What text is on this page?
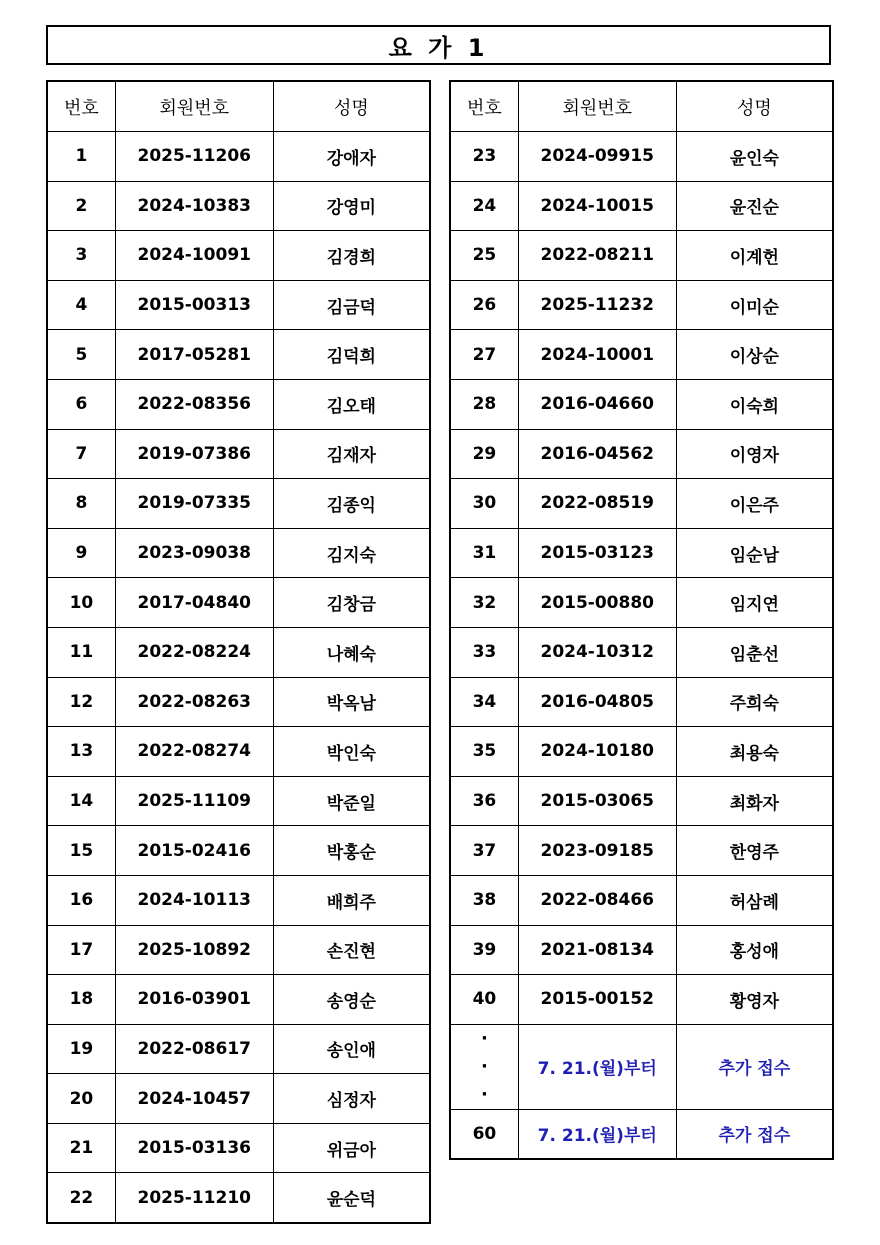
요 가 1
번호	회원번호	성명
1	2025-11206	강애자
2	2024-10383	강영미
3	2024-10091	김경희
4	2015-00313	김금덕
5	2017-05281	김덕희
6	2022-08356	김오태
7	2019-07386	김재자
8	2019-07335	김종익
9	2023-09038	김지숙
10	2017-04840	김창금
11	2022-08224	나혜숙
12	2022-08263	박옥남
13	2022-08274	박인숙
14	2025-11109	박준일
15	2015-02416	박홍순
16	2024-10113	배희주
17	2025-10892	손진현
18	2016-03901	송영순
19	2022-08617	송인애
20	2024-10457	심정자
21	2015-03136	위금아
22	2025-11210	윤순덕
번호	회원번호	성명
23	2024-09915	윤인숙
24	2024-10015	윤진순
25	2022-08211	이계헌
26	2025-11232	이미순
27	2024-10001	이상순
28	2016-04660	이숙희
29	2016-04562	이영자
30	2022-08519	이은주
31	2015-03123	임순남
32	2015-00880	임지연
33	2024-10312	임춘선
34	2016-04805	주희숙
35	2024-10180	최용숙
36	2015-03065	최화자
37	2023-09185	한영주
38	2022-08466	허삼례
39	2021-08134	홍성애
40	2015-00152	황영자

·
·
·	7. 21.(월)부터	추가 접수

60	7. 21.(월)부터	추가 접수
